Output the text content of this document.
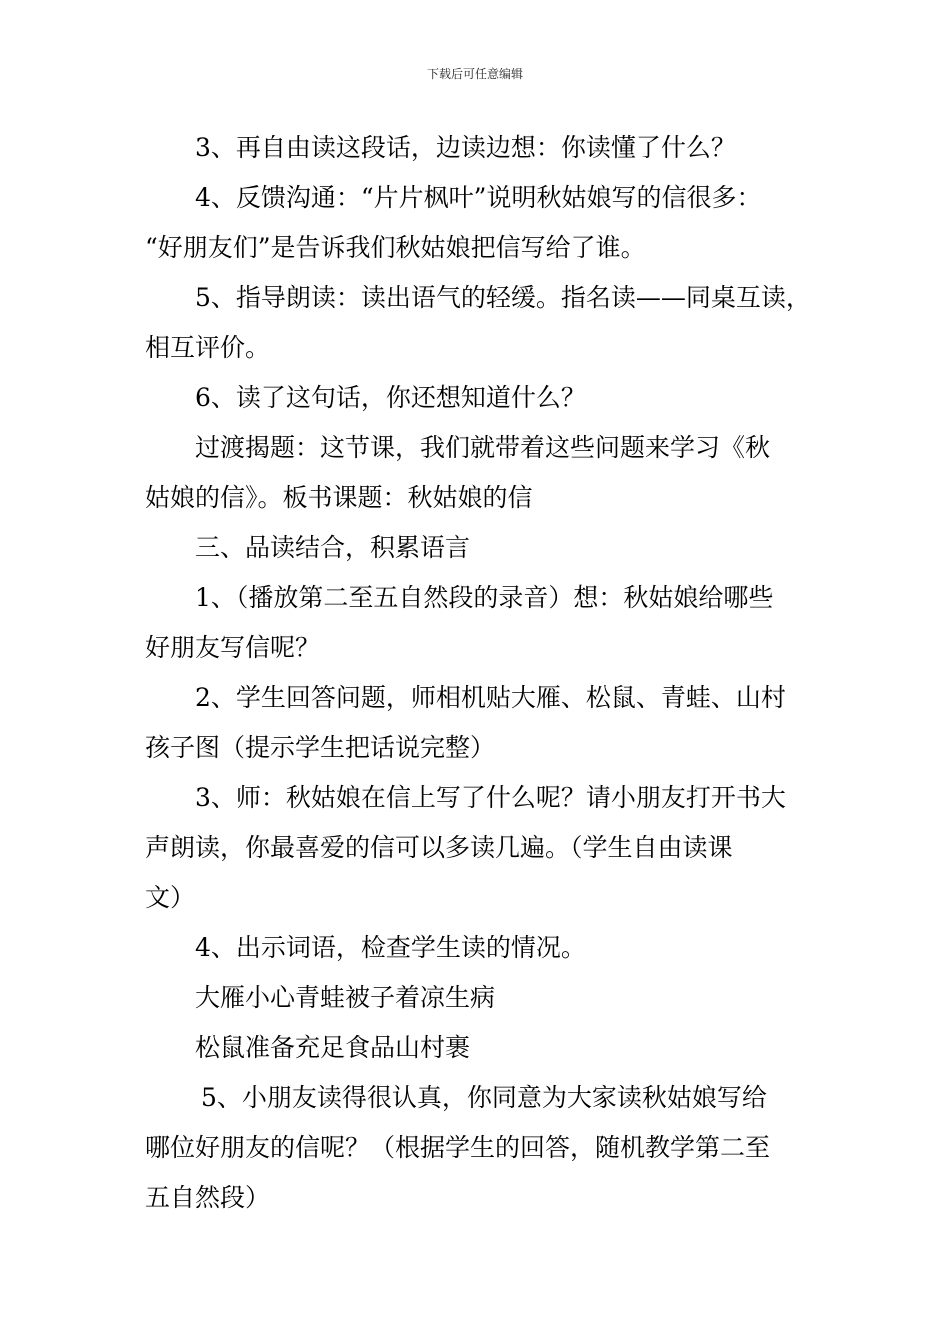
下载后可任意编辑
3、再自由读这段话，边读边想：你读懂了什么？
4、反馈沟通：“片片枫叶”说明秋姑娘写的信很多：
“好朋友们”是告诉我们秋姑娘把信写给了谁。
5、指导朗读：读出语气的轻缓。指名读——同桌互读，
相互评价。
6、读了这句话，你还想知道什么？
过渡揭题：这节课，我们就带着这些问题来学习《秋
姑娘的信》。板书课题：秋姑娘的信
三、品读结合，积累语言
1、（播放第二至五自然段的录音）想：秋姑娘给哪些
好朋友写信呢？
2、学生回答问题，师相机贴大雁、松鼠、青蛙、山村
孩子图（提示学生把话说完整）
3、师：秋姑娘在信上写了什么呢？请小朋友打开书大
声朗读，你最喜爱的信可以多读几遍。（学生自由读课
文）
4、出示词语，检查学生读的情况。
大雁小心青蛙被子着凉生病
松鼠准备充足食品山村裹
5、小朋友读得很认真，你同意为大家读秋姑娘写给
哪位好朋友的信呢？（根据学生的回答，随机教学第二至
五自然段）
